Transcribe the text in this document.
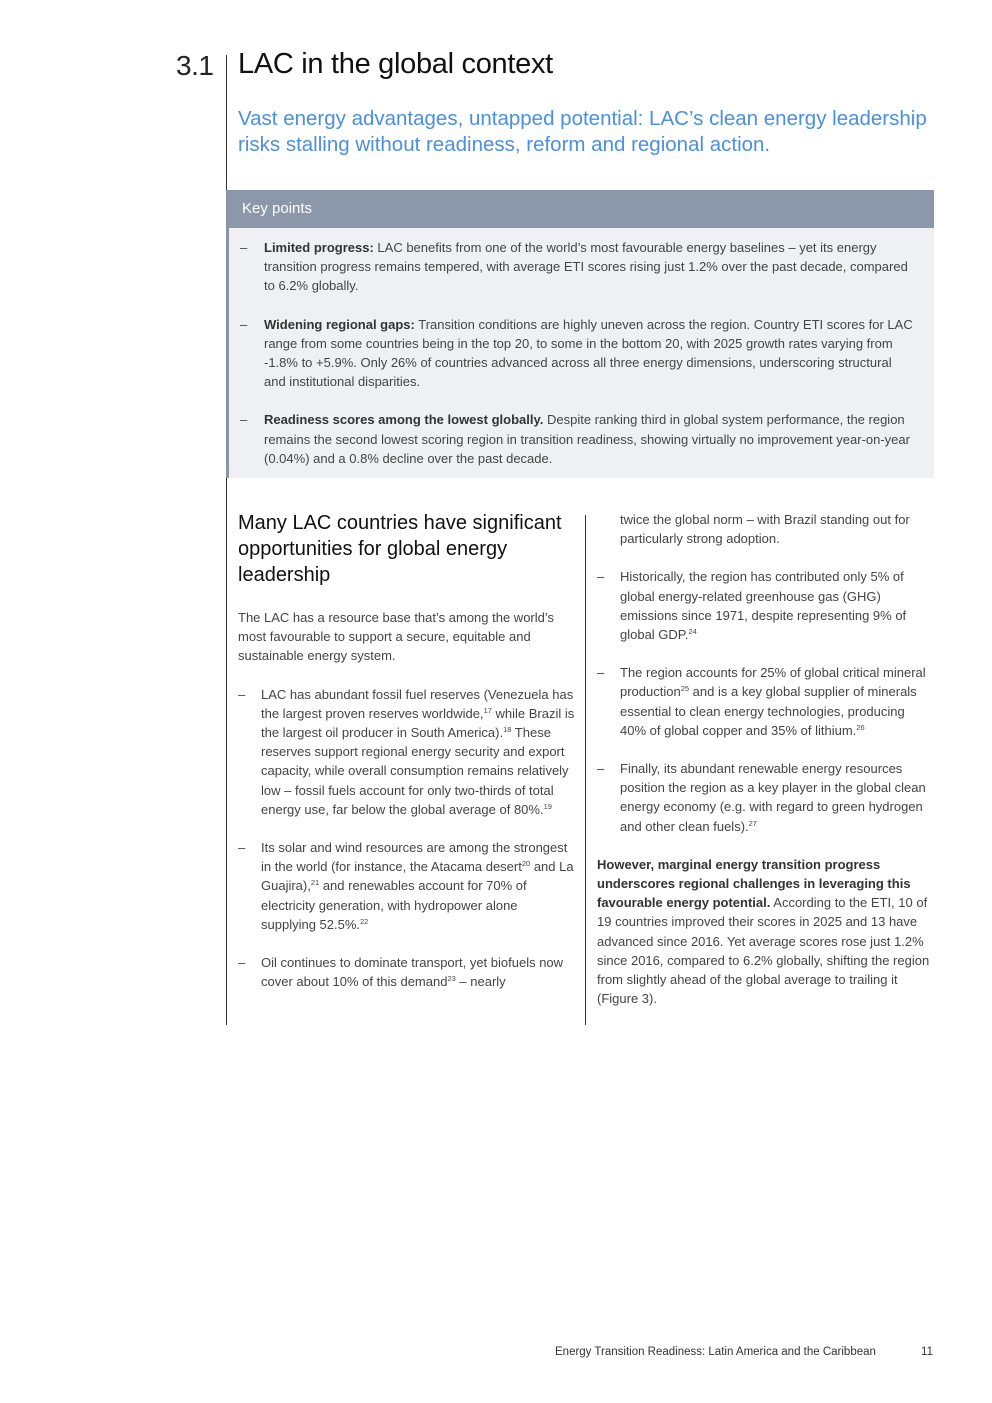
3.1 LAC in the global context
Vast energy advantages, untapped potential: LAC’s clean energy leadership risks stalling without readiness, reform and regional action.
Key points
– Limited progress: LAC benefits from one of the world’s most favourable energy baselines – yet its energy transition progress remains tempered, with average ETI scores rising just 1.2% over the past decade, compared to 6.2% globally.
– Widening regional gaps: Transition conditions are highly uneven across the region. Country ETI scores for LAC range from some countries being in the top 20, to some in the bottom 20, with 2025 growth rates varying from -1.8% to +5.9%. Only 26% of countries advanced across all three energy dimensions, underscoring structural and institutional disparities.
– Readiness scores among the lowest globally. Despite ranking third in global system performance, the region remains the second lowest scoring region in transition readiness, showing virtually no improvement year-on-year (0.04%) and a 0.8% decline over the past decade.
Many LAC countries have significant opportunities for global energy leadership

The LAC has a resource base that’s among the world’s most favourable to support a secure, equitable and sustainable energy system.

– LAC has abundant fossil fuel reserves (Venezuela has the largest proven reserves worldwide,$^{17}$ while Brazil is the largest oil producer in South America).$^{18}$ These reserves support regional energy security and export capacity, while overall consumption remains relatively low – fossil fuels account for only two-thirds of total energy use, far below the global average of 80%.$^{19}$
– Its solar and wind resources are among the strongest in the world (for instance, the Atacama desert$^{20}$ and La Guajira),$^{21}$ and renewables account for 70% of electricity generation, with hydropower alone supplying 52.5%.$^{22}$
– Oil continues to dominate transport, yet biofuels now cover about 10% of this demand$^{23}$ – nearly
twice the global norm – with Brazil standing out for particularly strong adoption.
– Historically, the region has contributed only 5% of global energy-related greenhouse gas (GHG) emissions since 1971, despite representing 9% of global GDP.$^{24}$
– The region accounts for 25% of global critical mineral production$^{25}$ and is a key global supplier of minerals essential to clean energy technologies, producing 40% of global copper and 35% of lithium.$^{26}$
– Finally, its abundant renewable energy resources position the region as a key player in the global clean energy economy (e.g. with regard to green hydrogen and other clean fuels).$^{27}$

However, marginal energy transition progress underscores regional challenges in leveraging this favourable energy potential. According to the ETI, 10 of 19 countries improved their scores in 2025 and 13 have advanced since 2016. Yet average scores rose just 1.2% since 2016, compared to 6.2% globally, shifting the region from slightly ahead of the global average to trailing it (Figure 3).

Energy Transition Readiness: Latin America and the Caribbean	11
